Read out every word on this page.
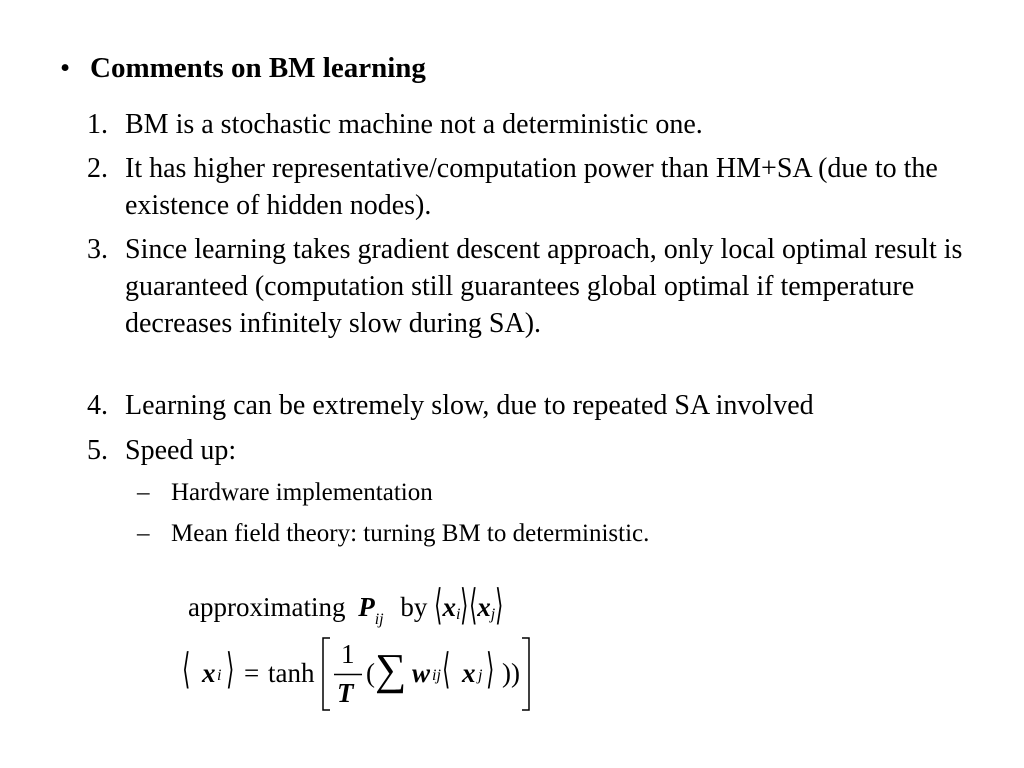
• Comments on BM learning
1. BM is a stochastic machine not a deterministic one.
2. It has higher representative/computation power than HM+SA (due to the existence of hidden nodes).
3. Since learning takes gradient descent approach, only local optimal result is guaranteed (computation still guarantees global optimal if temperature decreases infinitely slow during SA).
4. Learning can be extremely slow, due to repeated SA involved
5. Speed up:
– Hardware implementation
– Mean field theory: turning BM to deterministic.
approximating $P_{ij}$ by ⟨xi⟩⟨xj⟩
⟨ x i ⟩ = tanh
1
T
( ∑ w ij ⟨ x j ⟩ ))
